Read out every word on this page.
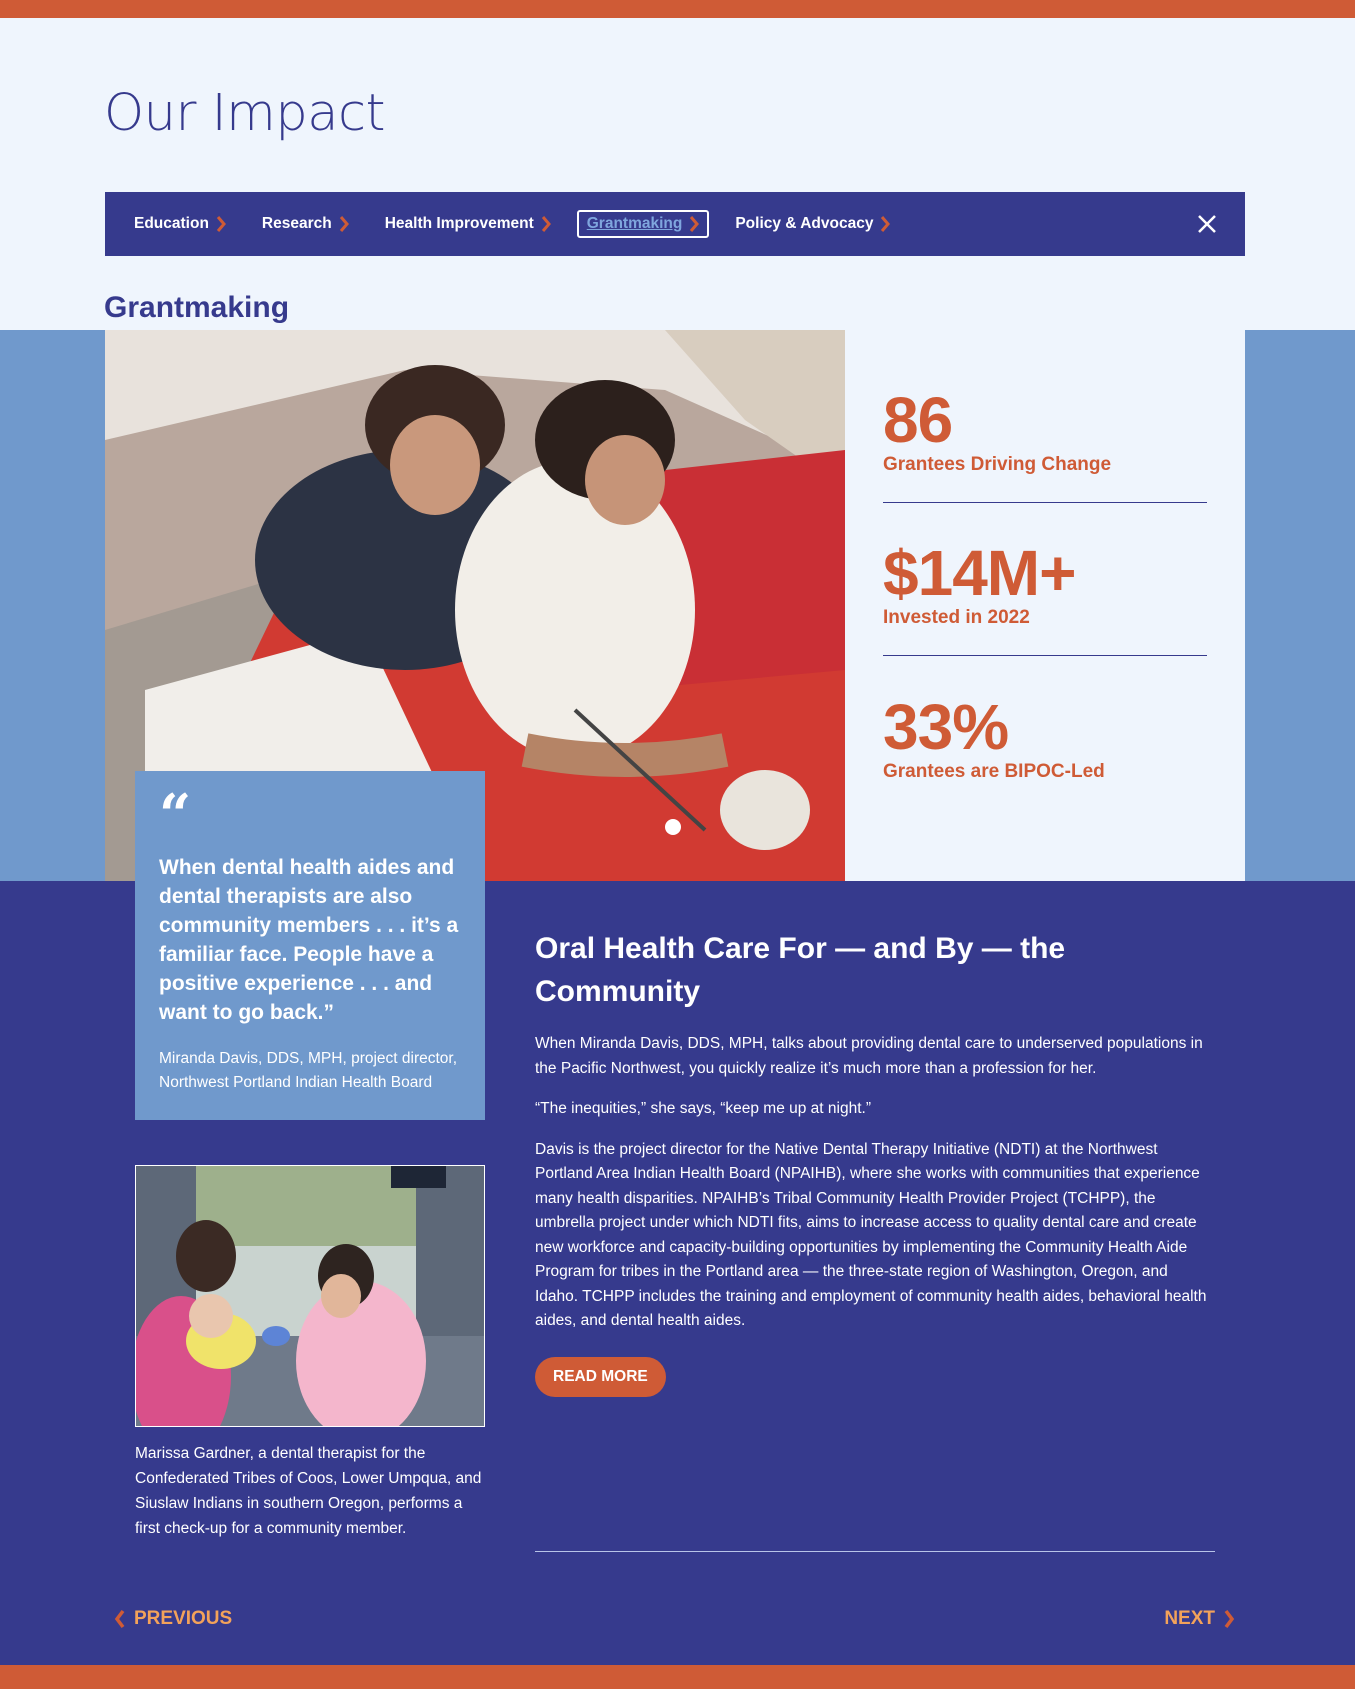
Our Impact
Education	Research	Health Improvement	Grantmaking	Policy & Advocacy
Grantmaking
86
Grantees Driving Change
$14M+
Invested in 2022
33%
Grantees are BIPOC-Led
“

When dental health aides and dental therapists are also community members . . . it’s a familiar face. People have a positive experience . . . and want to go back.”

Miranda Davis, DDS, MPH, project director,
Northwest Portland Indian Health Board

Marissa Gardner, a dental therapist for the Confederated Tribes of Coos, Lower Umpqua, and Siuslaw Indians in southern Oregon, performs a first check-up for a community member.

Oral Health Care For — and By — the Community

When Miranda Davis, DDS, MPH, talks about providing dental care to underserved populations in the Pacific Northwest, you quickly realize it’s much more than a profession for her.

“The inequities,” she says, “keep me up at night.”

Davis is the project director for the Native Dental Therapy Initiative (NDTI) at the Northwest Portland Area Indian Health Board (NPAIHB), where she works with communities that experience many health disparities. NPAIHB’s Tribal Community Health Provider Project (TCHPP), the umbrella project under which NDTI fits, aims to increase access to quality dental care and create new workforce and capacity-building opportunities by implementing the Community Health Aide Program for tribes in the Portland area — the three-state region of Washington, Oregon, and Idaho. TCHPP includes the training and employment of community health aides, behavioral health aides, and dental health aides.

READ MORE
PREVIOUS	NEXT
